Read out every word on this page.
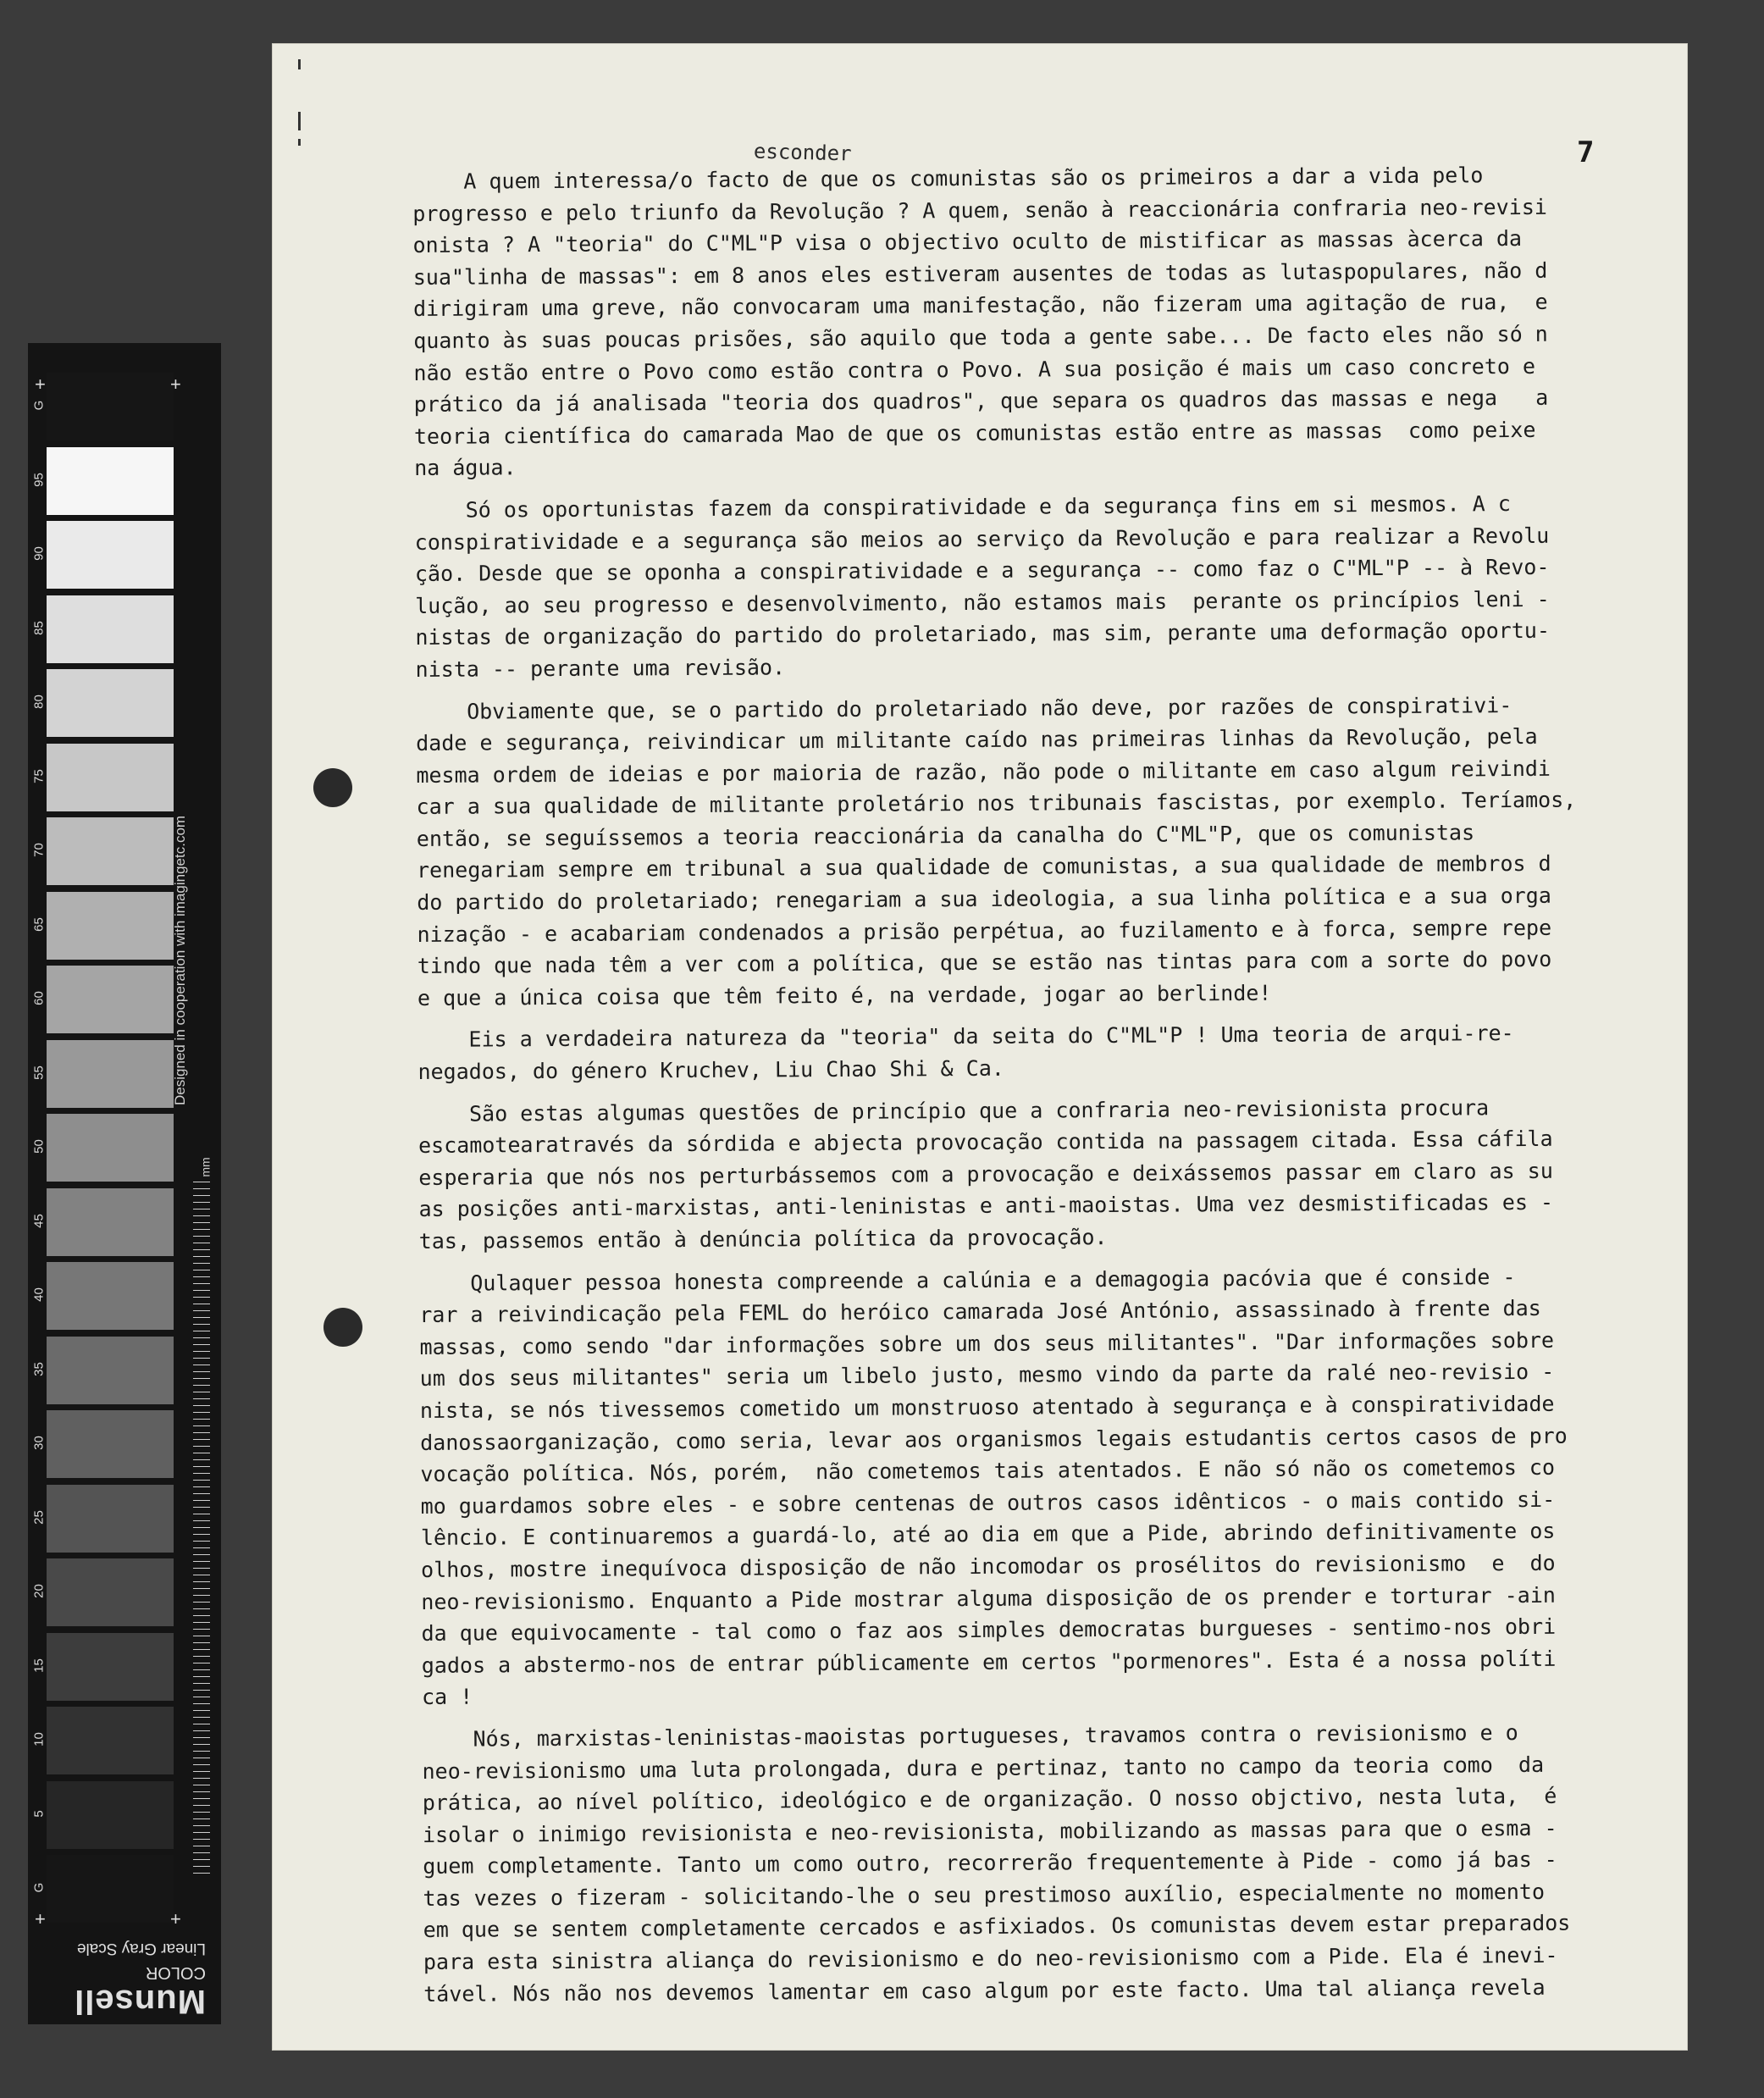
G
95
90
85
80
75
70
65
60
55
50
45
40
35
30
25
20
15
10
5
G
Designed in cooperation with imagingetc.com
mm
+	+
+	+
Munsell
COLOR
Linear Gray Scale
esconder	7

A quem interessa/o facto de que os comunistas são os primeiros a dar a vida pelo
progresso e pelo triunfo da Revolução ? A quem, senão à reaccionária confraria neo-revisi
onista ? A "teoria" do C"ML"P visa o objectivo oculto de mistificar as massas àcerca da
sua"linha de massas": em 8 anos eles estiveram ausentes de todas as lutaspopulares, não d
dirigiram uma greve, não convocaram uma manifestação, não fizeram uma agitação de rua,  e
quanto às suas poucas prisões, são aquilo que toda a gente sabe... De facto eles não só n
não estão entre o Povo como estão contra o Povo. A sua posição é mais um caso concreto e
prático da já analisada "teoria dos quadros", que separa os quadros das massas e nega   a
teoria científica do camarada Mao de que os comunistas estão entre as massas  como peixe
na água.

Só os oportunistas fazem da conspiratividade e da segurança fins em si mesmos. A c
conspiratividade e a segurança são meios ao serviço da Revolução e para realizar a Revolu
ção. Desde que se oponha a conspiratividade e a segurança -- como faz o C"ML"P -- à Revo-
lução, ao seu progresso e desenvolvimento, não estamos mais  perante os princípios leni -
nistas de organização do partido do proletariado, mas sim, perante uma deformação oportu-
nista -- perante uma revisão.

Obviamente que, se o partido do proletariado não deve, por razões de conspirativi-
dade e segurança, reivindicar um militante caído nas primeiras linhas da Revolução, pela
mesma ordem de ideias e por maioria de razão, não pode o militante em caso algum reivindi
car a sua qualidade de militante proletário nos tribunais fascistas, por exemplo. Teríamos,
então, se seguíssemos a teoria reaccionária da canalha do C"ML"P, que os comunistas
renegariam sempre em tribunal a sua qualidade de comunistas, a sua qualidade de membros d
do partido do proletariado; renegariam a sua ideologia, a sua linha política e a sua orga
nização - e acabariam condenados a prisão perpétua, ao fuzilamento e à forca, sempre repe
tindo que nada têm a ver com a política, que se estão nas tintas para com a sorte do povo
e que a única coisa que têm feito é, na verdade, jogar ao berlinde!

Eis a verdadeira natureza da "teoria" da seita do C"ML"P ! Uma teoria de arqui-re-
negados, do género Kruchev, Liu Chao Shi & Ca.

São estas algumas questões de princípio que a confraria neo-revisionista procura
escamotearatravés da sórdida e abjecta provocação contida na passagem citada. Essa cáfila
esperaria que nós nos perturbássemos com a provocação e deixássemos passar em claro as su
as posições anti-marxistas, anti-leninistas e anti-maoistas. Uma vez desmistificadas es -
tas, passemos então à denúncia política da provocação.

Qulaquer pessoa honesta compreende a calúnia e a demagogia pacóvia que é conside -
rar a reivindicação pela FEML do heróico camarada José António, assassinado à frente das
massas, como sendo "dar informações sobre um dos seus militantes". "Dar informações sobre
um dos seus militantes" seria um libelo justo, mesmo vindo da parte da ralé neo-revisio -
nista, se nós tivessemos cometido um monstruoso atentado à segurança e à conspiratividade
danossaorganização, como seria, levar aos organismos legais estudantis certos casos de pro
vocação política. Nós, porém,  não cometemos tais atentados. E não só não os cometemos co
mo guardamos sobre eles - e sobre centenas de outros casos idênticos - o mais contido si-
lêncio. E continuaremos a guardá-lo, até ao dia em que a Pide, abrindo definitivamente os
olhos, mostre inequívoca disposição de não incomodar os prosélitos do revisionismo  e  do
neo-revisionismo. Enquanto a Pide mostrar alguma disposição de os prender e torturar -ain
da que equivocamente - tal como o faz aos simples democratas burgueses - sentimo-nos obri
gados a abstermo-nos de entrar públicamente em certos "pormenores". Esta é a nossa políti
ca !

Nós, marxistas-leninistas-maoistas portugueses, travamos contra o revisionismo e o
neo-revisionismo uma luta prolongada, dura e pertinaz, tanto no campo da teoria como  da
prática, ao nível político, ideológico e de organização. O nosso objctivo, nesta luta,  é
isolar o inimigo revisionista e neo-revisionista, mobilizando as massas para que o esma -
guem completamente. Tanto um como outro, recorrerão frequentemente à Pide - como já bas -
tas vezes o fizeram - solicitando-lhe o seu prestimoso auxílio, especialmente no momento
em que se sentem completamente cercados e asfixiados. Os comunistas devem estar preparados
para esta sinistra aliança do revisionismo e do neo-revisionismo com a Pide. Ela é inevi-
tável. Nós não nos devemos lamentar em caso algum por este facto. Uma tal aliança revela
